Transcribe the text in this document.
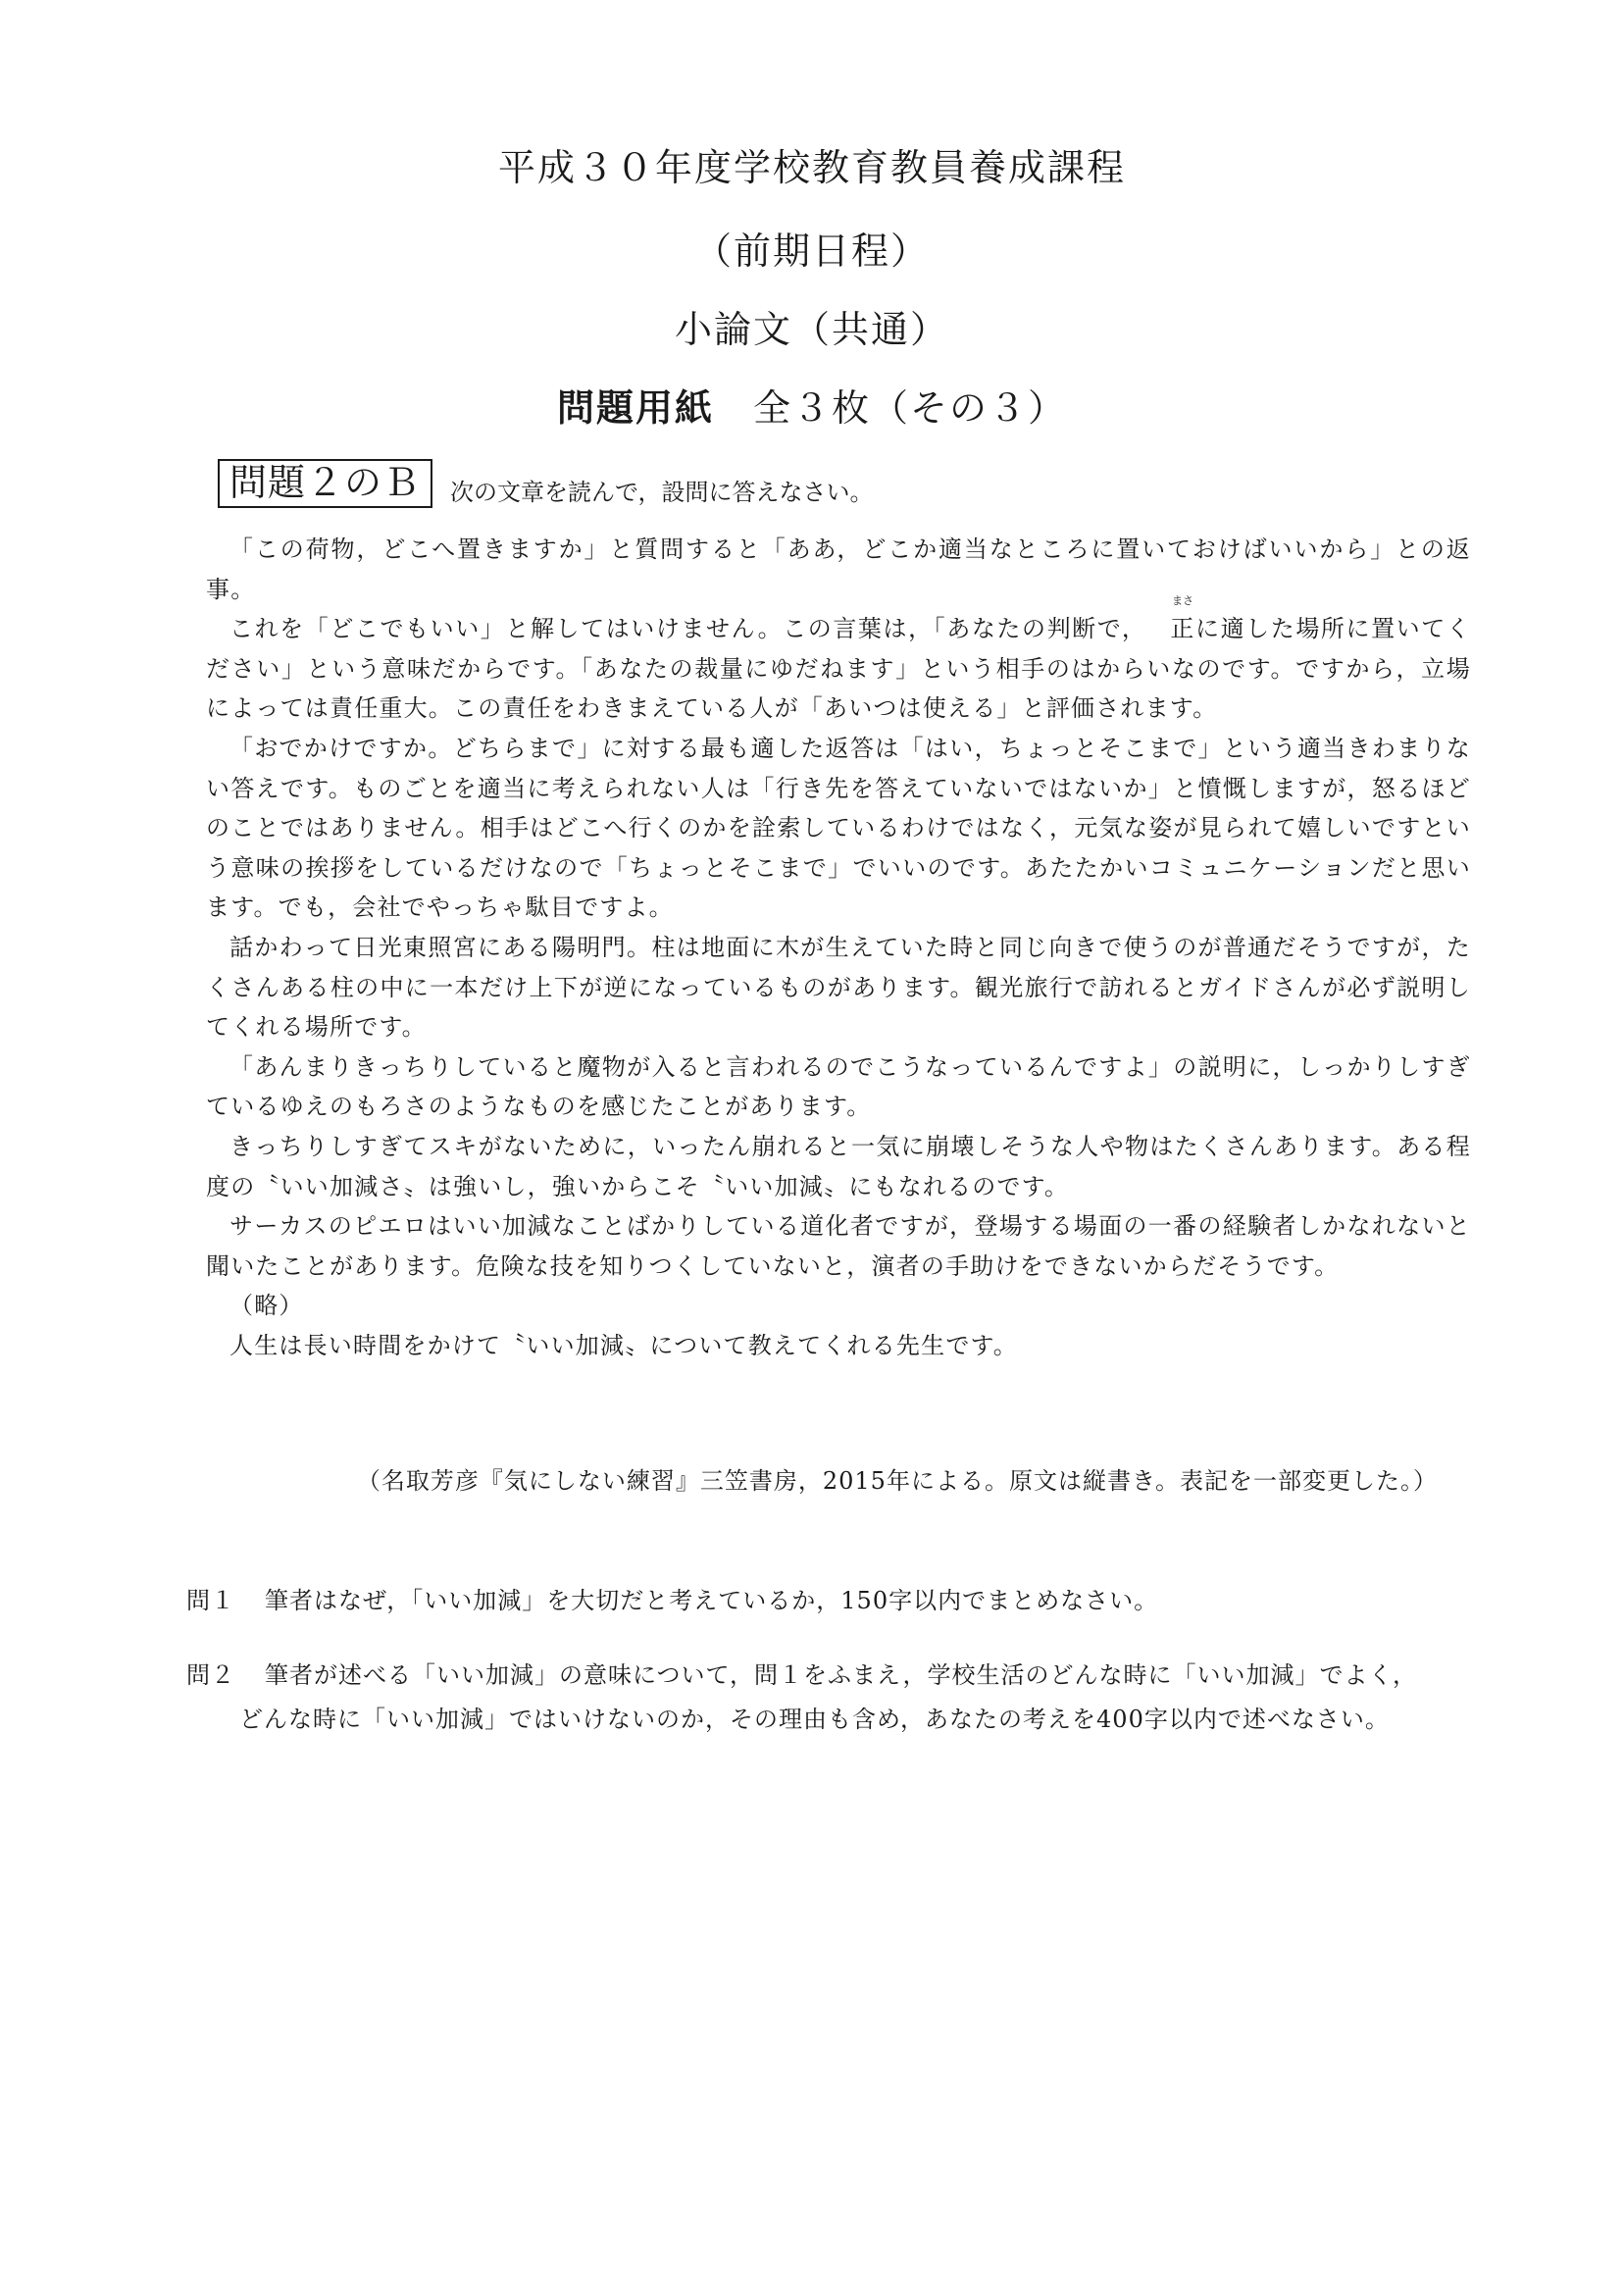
平成３０年度学校教育教員養成課程
（前期日程）
小論文（共通）
問題用紙 全３枚（その３）
問題２のＢ	次の文章を読んで，設問に答えなさい。

「この荷物，どこへ置きますか」と質問すると「ああ，どこか適当なところに置いておけばいいから」との返事。

これを「どこでもいい」と解してはいけません。この言葉は，「あなたの判断で，
まさ
正に適した場所に置いてください」という意味だからです。「あなたの裁量にゆだねます」という相手のはからいなのです。ですから，立場によっては責任重大。この責任をわきまえている人が「あいつは使える」と評価されます。

「おでかけですか。どちらまで」に対する最も適した返答は「はい，ちょっとそこまで」という適当きわまりない答えです。ものごとを適当に考えられない人は「行き先を答えていないではないか」と憤慨しますが，怒るほどのことではありません。相手はどこへ行くのかを詮索しているわけではなく，元気な姿が見られて嬉しいですという意味の挨拶をしているだけなので「ちょっとそこまで」でいいのです。あたたかいコミュニケーションだと思います。でも，会社でやっちゃ駄目ですよ。

話かわって日光東照宮にある陽明門。柱は地面に木が生えていた時と同じ向きで使うのが普通だそうですが，たくさんある柱の中に一本だけ上下が逆になっているものがあります。観光旅行で訪れるとガイドさんが必ず説明してくれる場所です。

「あんまりきっちりしていると魔物が入ると言われるのでこうなっているんですよ」の説明に，しっかりしすぎているゆえのもろさのようなものを感じたことがあります。

きっちりしすぎてスキがないために，いったん崩れると一気に崩壊しそうな人や物はたくさんあります。ある程度の〝いい加減さ〟は強いし，強いからこそ〝いい加減〟にもなれるのです。

サーカスのピエロはいい加減なことばかりしている道化者ですが，登場する場面の一番の経験者しかなれないと聞いたことがあります。危険な技を知りつくしていないと，演者の手助けをできないからだそうです。

（略）

人生は長い時間をかけて〝いい加減〟について教えてくれる先生です。

（名取芳彦『気にしない練習』三笠書房，2015年による。原文は縦書き。表記を一部変更した。）
問１ 筆者はなぜ，「いい加減」を大切だと考えているか，150字以内でまとめなさい。
問２ 筆者が述べる「いい加減」の意味について，問１をふまえ，学校生活のどんな時に「いい加減」でよく，
どんな時に「いい加減」ではいけないのか，その理由も含め，あなたの考えを400字以内で述べなさい。
